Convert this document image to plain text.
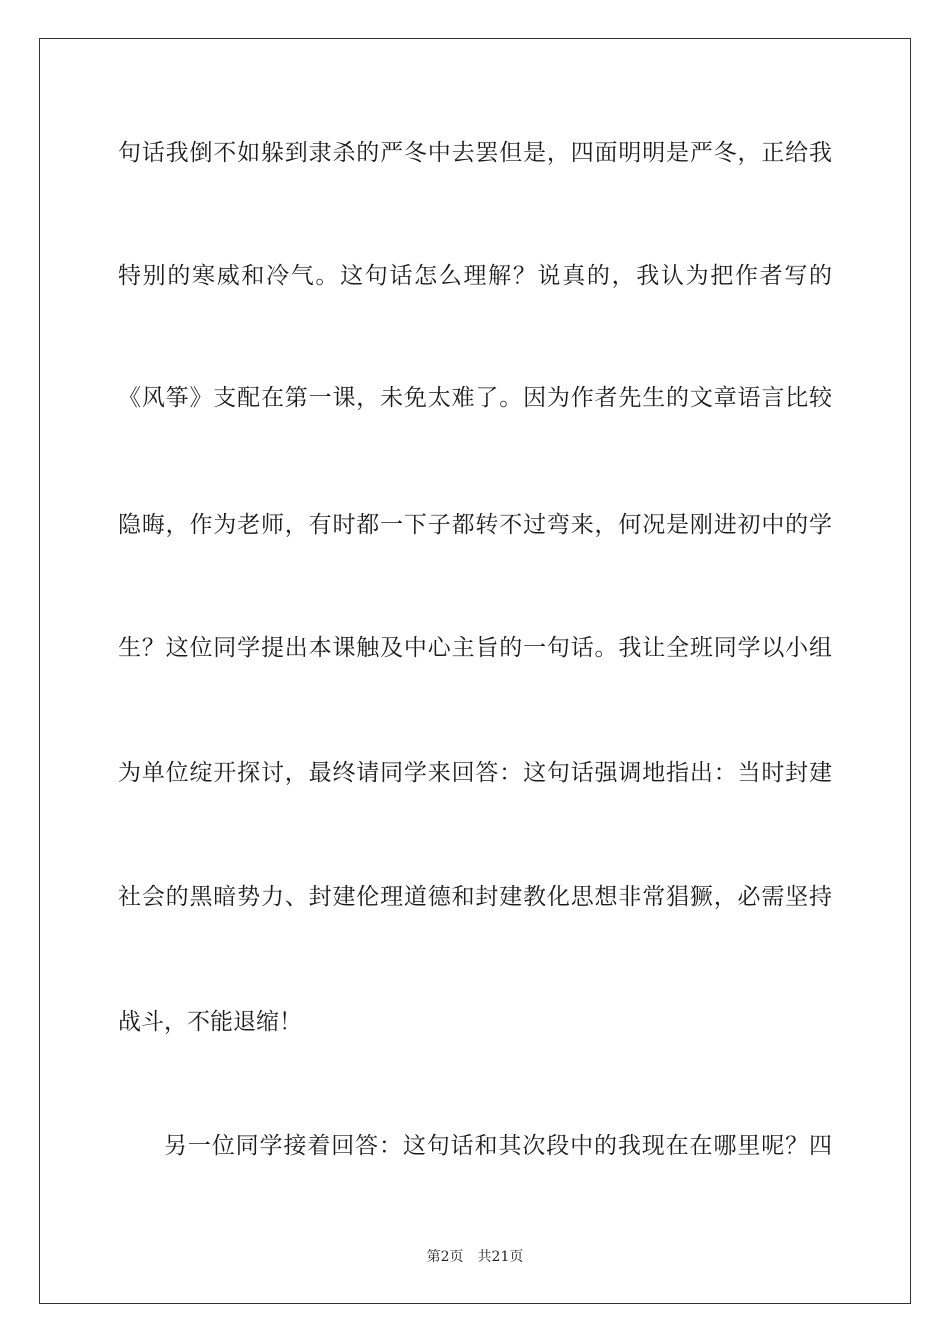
句话我倒不如躲到隶杀的严冬中去罢但是，四面明明是严冬，正给我
特别的寒威和冷气。这句话怎么理解？说真的，我认为把作者写的
《风筝》支配在第一课，未免太难了。因为作者先生的文章语言比较
隐晦，作为老师，有时都一下子都转不过弯来，何况是刚进初中的学
生？这位同学提出本课触及中心主旨的一句话。我让全班同学以小组
为单位绽开探讨，最终请同学来回答：这句话强调地指出：当时封建
社会的黑暗势力、封建伦理道德和封建教化思想非常猖獗，必需坚持
战斗，不能退缩！
另一位同学接着回答：这句话和其次段中的我现在在哪里呢？四
第2页 共21页
